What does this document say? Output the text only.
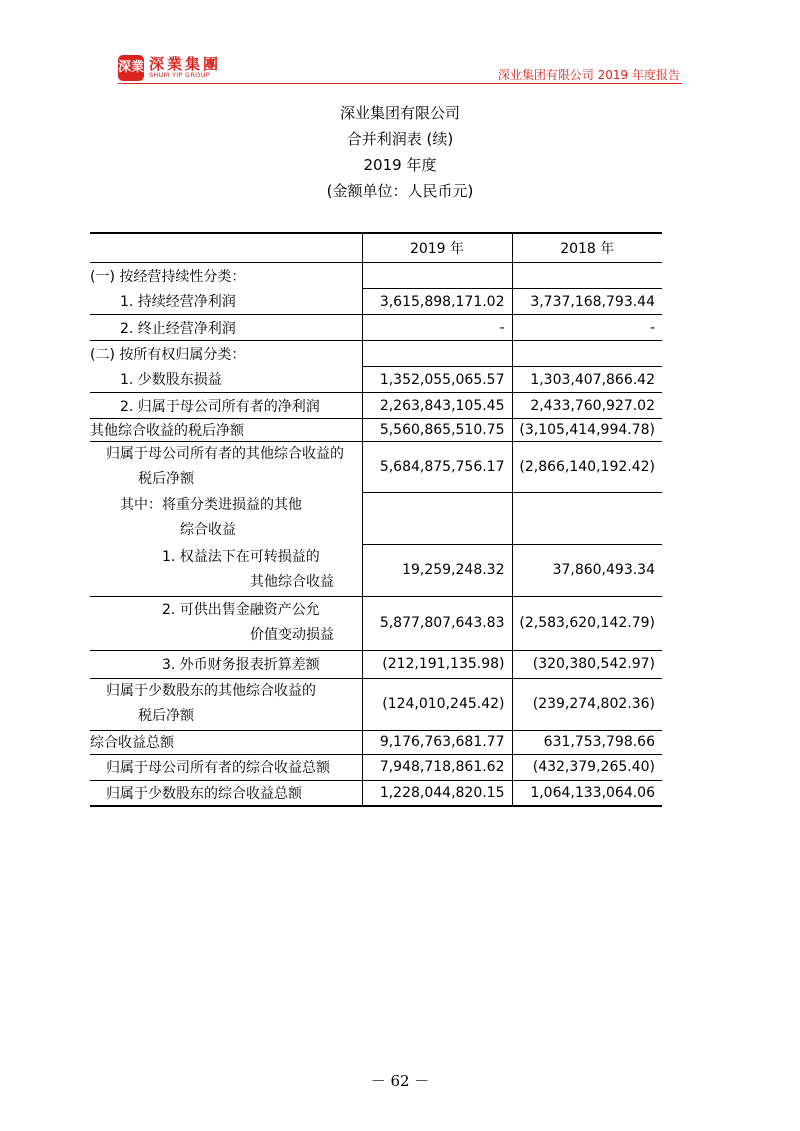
深業 深業集團
SHUM YIP GROUP	深业集团有限公司 2019 年度报告
深业集团有限公司
合并利润表 (续)
2019 年度
(金额单位：人民币元)
	2019 年	2018 年
(一) 按经营持续性分类：		
1. 持续经营净利润	3,615,898,171.02	3,737,168,793.44
2. 终止经营净利润	-	-
(二) 按所有权归属分类：		
1. 少数股东损益	1,352,055,065.57	1,303,407,866.42
2. 归属于母公司所有者的净利润	2,263,843,105.45	2,433,760,927.02
其他综合收益的税后净额	5,560,865,510.75	(3,105,414,994.78)

归属于母公司所有者的其他综合收益的
税后净额	5,684,875,756.17	(2,866,140,192.42)

其中：将重分类进损益的其他
综合收益		

1. 权益法下在可转损益的
其他综合收益	19,259,248.32	37,860,493.34

2. 可供出售金融资产公允
价值变动损益	5,877,807,643.83	(2,583,620,142.79)
3. 外币财务报表折算差额	(212,191,135.98)	(320,380,542.97)

归属于少数股东的其他综合收益的
税后净额	(124,010,245.42)	(239,274,802.36)
综合收益总额	9,176,763,681.77	631,753,798.66
归属于母公司所有者的综合收益总额	7,948,718,861.62	(432,379,265.40)
归属于少数股东的综合收益总额	1,228,044,820.15	1,064,133,064.06
－ 62 －
